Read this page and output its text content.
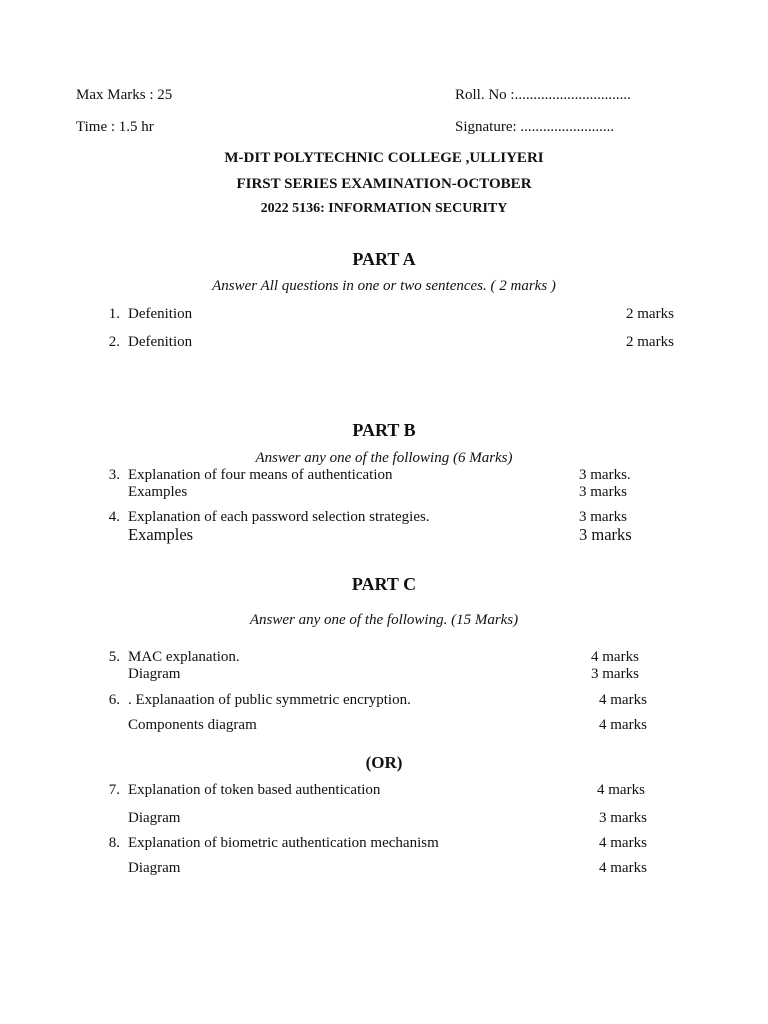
Max Marks : 25	Roll. No :...............................
Time : 1.5 hr	Signature: .........................
M-DIT POLYTECHNIC COLLEGE ,ULLIYERI
FIRST SERIES EXAMINATION-OCTOBER
2022 5136: INFORMATION SECURITY
PART A
Answer All questions in one or two sentences. ( 2 marks )
1. Defenition	2 marks
2. Defenition	2 marks
PART B
Answer any one of the following (6 Marks)
3. Explanation of four means of authentication	3 marks.
Examples	3 marks
4. Explanation of each password selection strategies.	3 marks
Examples	3 marks
PART C
Answer any one of the following. (15 Marks)
5. MAC explanation.	4 marks
Diagram	3 marks
6. . Explanaation of public symmetric encryption.	4 marks
Components diagram	4 marks
(OR)
7. Explanation of token based authentication	4 marks
Diagram	3 marks
8. Explanation of biometric authentication mechanism	4 marks
Diagram	4 marks
